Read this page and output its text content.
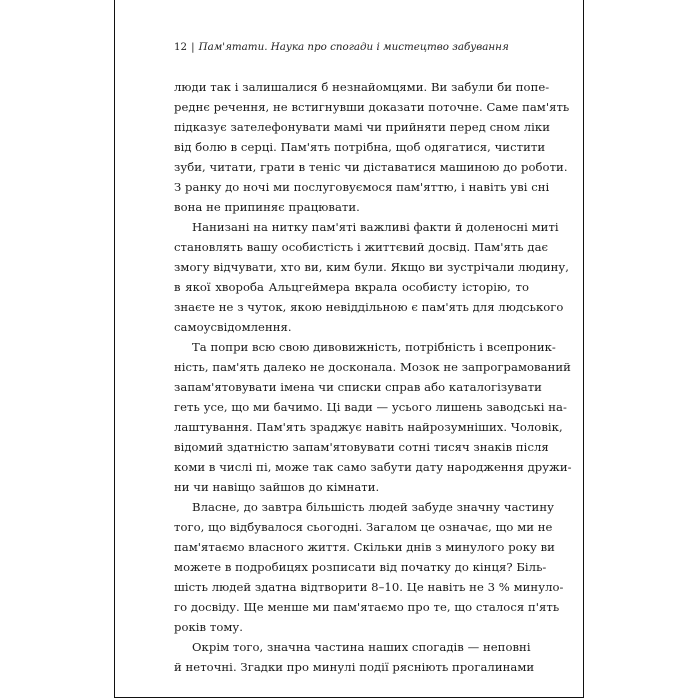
12 | Пам'ятати. Наука про спогади і мистецтво забування

люди так і залишалися б незнайомцями. Ви забули би попе-
реднє речення, не встигнувши доказати поточне. Саме пам'ять
підказує зателефонувати мамі чи прийняти перед сном ліки
від болю в серці. Пам'ять потрібна, щоб одягатися, чистити
зуби, читати, грати в теніс чи діставатися машиною до роботи.
З ранку до ночі ми послуговуємося пам'яттю, і навіть уві сні
вона не припиняє працювати.

Нанизані на нитку пам'яті важливі факти й доленосні миті
становлять вашу особистість і життєвий досвід. Пам'ять дає
змогу відчувати, хто ви, ким були. Якщо ви зустрічали людину,
в якої хвороба Альцгеймера вкрала особисту історію, то
знаєте не з чуток, якою невіддільною є пам'ять для людського
самоусвідомлення.

Та попри всю свою дивовижність, потрібність і всепроник-
ність, пам'ять далеко не досконала. Мозок не запрограмований
запам'ятовувати імена чи списки справ або каталогізувати
геть усе, що ми бачимо. Ці вади — усього лишень заводські на-
лаштування. Пам'ять зраджує навіть найрозумніших. Чоловік,
відомий здатністю запам'ятовувати сотні тисяч знаків після
коми в числі пі, може так само забути дату народження дружи-
ни чи навіщо зайшов до кімнати.

Власне, до завтра більшість людей забуде значну частину
того, що відбувалося сьогодні. Загалом це означає, що ми не
пам'ятаємо власного життя. Скільки днів з минулого року ви
можете в подробицях розписати від початку до кінця? Біль-
шість людей здатна відтворити 8–10. Це навіть не 3 % минуло-
го досвіду. Ще менше ми пам'ятаємо про те, що сталося п'ять
років тому.

Окрім того, значна частина наших спогадів — неповні
й неточні. Згадки про минулі події рясніють прогалинами
